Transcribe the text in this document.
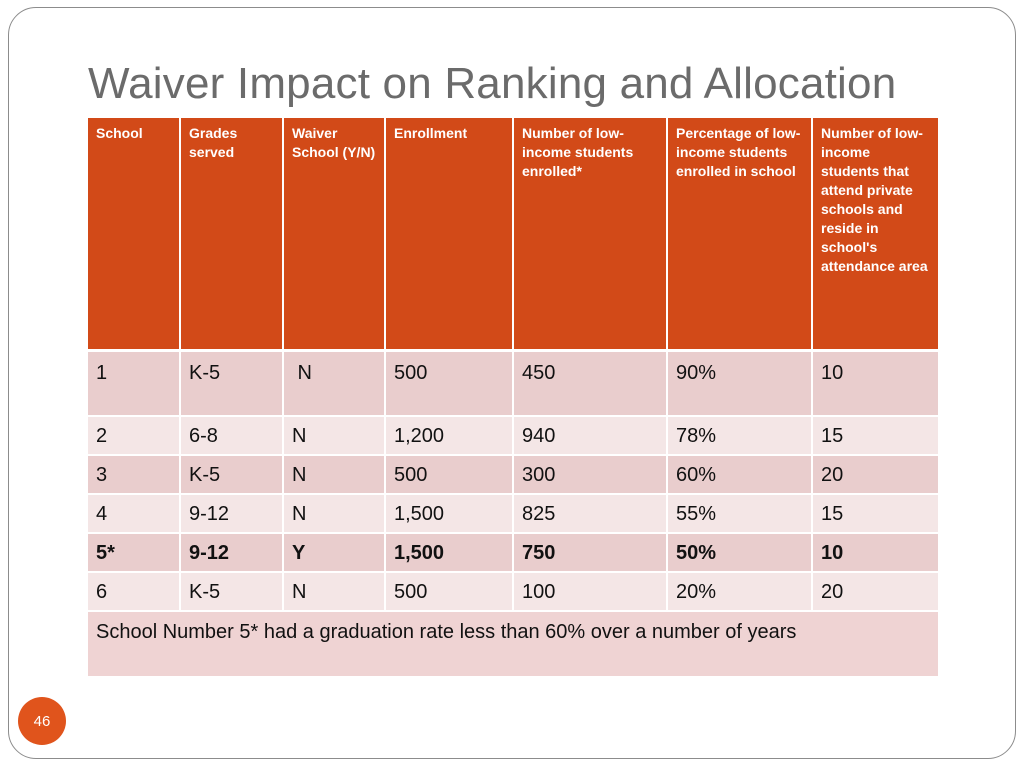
Waiver Impact on Ranking and Allocation
School	Grades served	Waiver School (Y/N)	Enrollment	Number of low-income students enrolled*	Percentage of low-income students enrolled in school	Number of low-income students that attend private schools and reside in school's attendance area
1	K-5	N	500	450	90%	10
2	6-8	N	1,200	940	78%	15
3	K-5	N	500	300	60%	20
4	9-12	N	1,500	825	55%	15
5*	9-12	Y	1,500	750	50%	10
6	K-5	N	500	100	20%	20
School Number 5* had a graduation rate less than 60% over a number of years						
46
